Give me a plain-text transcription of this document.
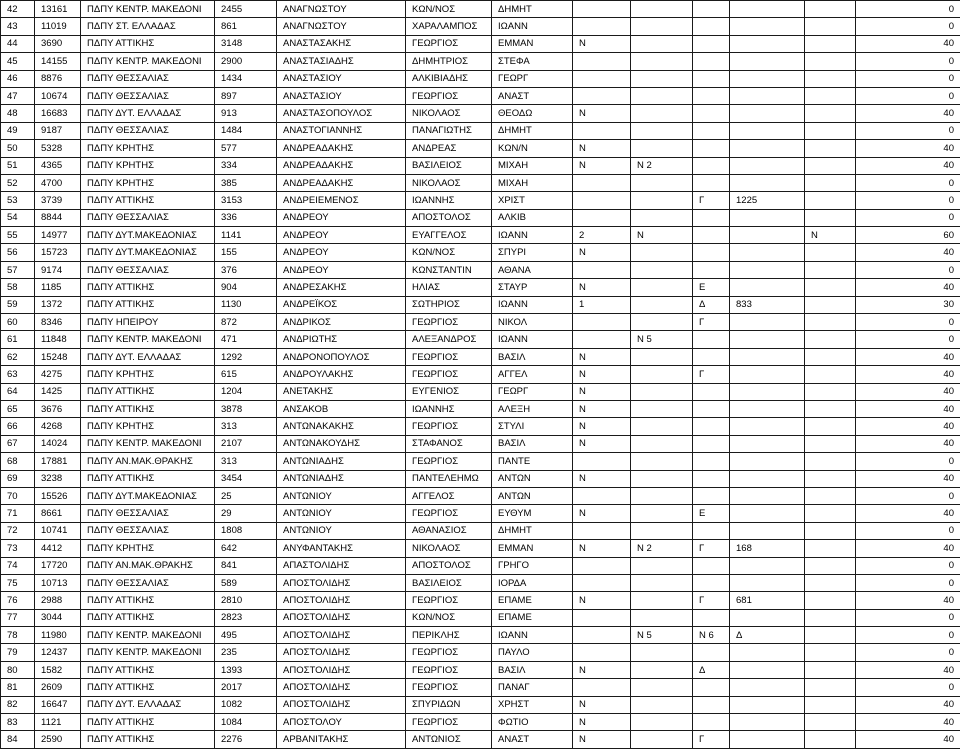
42	13161	ΠΔΠΥ ΚΕΝΤΡ. ΜΑΚΕΔΟΝΙ	2455	ΑΝΑΓΝΩΣΤΟΥ	ΚΩΝ/ΝΟΣ	ΔΗΜΗΤ						0
43	11019	ΠΔΠΥ ΣΤ. ΕΛΛΑΔΑΣ	861	ΑΝΑΓΝΩΣΤΟΥ	ΧΑΡΑΛΑΜΠΟΣ	ΙΩΑΝΝ						0
44	3690	ΠΔΠΥ ΑΤΤΙΚΗΣ	3148	ΑΝΑΣΤΑΣΑΚΗΣ	ΓΕΩΡΓΙΟΣ	ΕΜΜΑΝ	Ν					40
45	14155	ΠΔΠΥ ΚΕΝΤΡ. ΜΑΚΕΔΟΝΙ	2900	ΑΝΑΣΤΑΣΙΑΔΗΣ	ΔΗΜΗΤΡΙΟΣ	ΣΤΕΦΑ						0
46	8876	ΠΔΠΥ ΘΕΣΣΑΛΙΑΣ	1434	ΑΝΑΣΤΑΣΙΟΥ	ΑΛΚΙΒΙΑΔΗΣ	ΓΕΩΡΓ						0
47	10674	ΠΔΠΥ ΘΕΣΣΑΛΙΑΣ	897	ΑΝΑΣΤΑΣΙΟΥ	ΓΕΩΡΓΙΟΣ	ΑΝΑΣΤ						0
48	16683	ΠΔΠΥ ΔΥΤ. ΕΛΛΑΔΑΣ	913	ΑΝΑΣΤΑΣΟΠΟΥΛΟΣ	ΝΙΚΟΛΑΟΣ	ΘΕΟΔΩ	Ν					40
49	9187	ΠΔΠΥ ΘΕΣΣΑΛΙΑΣ	1484	ΑΝΑΣΤΟΓΙΑΝΝΗΣ	ΠΑΝΑΓΙΩΤΗΣ	ΔΗΜΗΤ						0
50	5328	ΠΔΠΥ ΚΡΗΤΗΣ	577	ΑΝΔΡΕΑΔΑΚΗΣ	ΑΝΔΡΕΑΣ	ΚΩΝ/Ν	Ν					40
51	4365	ΠΔΠΥ ΚΡΗΤΗΣ	334	ΑΝΔΡΕΑΔΑΚΗΣ	ΒΑΣΙΛΕΙΟΣ	ΜΙΧΑΗ	Ν	Ν 2				40
52	4700	ΠΔΠΥ ΚΡΗΤΗΣ	385	ΑΝΔΡΕΑΔΑΚΗΣ	ΝΙΚΟΛΑΟΣ	ΜΙΧΑΗ						0
53	3739	ΠΔΠΥ ΑΤΤΙΚΗΣ	3153	ΑΝΔΡΕΙΕΜΕΝΟΣ	ΙΩΑΝΝΗΣ	ΧΡΙΣΤ			Γ	1225		0
54	8844	ΠΔΠΥ ΘΕΣΣΑΛΙΑΣ	336	ΑΝΔΡΕΟΥ	ΑΠΟΣΤΟΛΟΣ	ΑΛΚΙΒ						0
55	14977	ΠΔΠΥ ΔΥΤ.ΜΑΚΕΔΟΝΙΑΣ	1141	ΑΝΔΡΕΟΥ	ΕΥΑΓΓΕΛΟΣ	ΙΩΑΝΝ	2	Ν			Ν	60
56	15723	ΠΔΠΥ ΔΥΤ.ΜΑΚΕΔΟΝΙΑΣ	155	ΑΝΔΡΕΟΥ	ΚΩΝ/ΝΟΣ	ΣΠΥΡΙ	Ν					40
57	9174	ΠΔΠΥ ΘΕΣΣΑΛΙΑΣ	376	ΑΝΔΡΕΟΥ	ΚΩΝΣΤΑΝΤΙΝ	ΑΘΑΝΑ						0
58	1185	ΠΔΠΥ ΑΤΤΙΚΗΣ	904	ΑΝΔΡΕΣΑΚΗΣ	ΗΛΙΑΣ	ΣΤΑΥΡ	Ν		Ε			40
59	1372	ΠΔΠΥ ΑΤΤΙΚΗΣ	1130	ΑΝΔΡΕΪΚΟΣ	ΣΩΤΗΡΙΟΣ	ΙΩΑΝΝ	1		Δ	833		30
60	8346	ΠΔΠΥ ΗΠΕΙΡΟΥ	872	ΑΝΔΡΙΚΟΣ	ΓΕΩΡΓΙΟΣ	ΝΙΚΟΛ			Γ			0
61	11848	ΠΔΠΥ ΚΕΝΤΡ. ΜΑΚΕΔΟΝΙ	471	ΑΝΔΡΙΩΤΗΣ	ΑΛΕΞΑΝΔΡΟΣ	ΙΩΑΝΝ		Ν 5				0
62	15248	ΠΔΠΥ ΔΥΤ. ΕΛΛΑΔΑΣ	1292	ΑΝΔΡΟΝΟΠΟΥΛΟΣ	ΓΕΩΡΓΙΟΣ	ΒΑΣΙΛ	Ν					40
63	4275	ΠΔΠΥ ΚΡΗΤΗΣ	615	ΑΝΔΡΟΥΛΑΚΗΣ	ΓΕΩΡΓΙΟΣ	ΑΓΓΕΛ	Ν		Γ			40
64	1425	ΠΔΠΥ ΑΤΤΙΚΗΣ	1204	ΑΝΕΤΑΚΗΣ	ΕΥΓΕΝΙΟΣ	ΓΕΩΡΓ	Ν					40
65	3676	ΠΔΠΥ ΑΤΤΙΚΗΣ	3878	ΑΝΣΑΚΟΒ	ΙΩΑΝΝΗΣ	ΑΛΕΞΗ	Ν					40
66	4268	ΠΔΠΥ ΚΡΗΤΗΣ	313	ΑΝΤΩΝΑΚΑΚΗΣ	ΓΕΩΡΓΙΟΣ	ΣΤΥΛΙ	Ν					40
67	14024	ΠΔΠΥ ΚΕΝΤΡ. ΜΑΚΕΔΟΝΙ	2107	ΑΝΤΩΝΑΚΟΥΔΗΣ	ΣΤΑΦΑΝΟΣ	ΒΑΣΙΛ	Ν					40
68	17881	ΠΔΠΥ ΑΝ.ΜΑΚ.ΘΡΑΚΗΣ	313	ΑΝΤΩΝΙΑΔΗΣ	ΓΕΩΡΓΙΟΣ	ΠΑΝΤΕ						0
69	3238	ΠΔΠΥ ΑΤΤΙΚΗΣ	3454	ΑΝΤΩΝΙΑΔΗΣ	ΠΑΝΤΕΛΕΗΜΩ	ΑΝΤΩΝ	Ν					40
70	15526	ΠΔΠΥ ΔΥΤ.ΜΑΚΕΔΟΝΙΑΣ	25	ΑΝΤΩΝΙΟΥ	ΑΓΓΕΛΟΣ	ΑΝΤΩΝ						0
71	8661	ΠΔΠΥ ΘΕΣΣΑΛΙΑΣ	29	ΑΝΤΩΝΙΟΥ	ΓΕΩΡΓΙΟΣ	ΕΥΘΥΜ	Ν		Ε			40
72	10741	ΠΔΠΥ ΘΕΣΣΑΛΙΑΣ	1808	ΑΝΤΩΝΙΟΥ	ΑΘΑΝΑΣΙΟΣ	ΔΗΜΗΤ						0
73	4412	ΠΔΠΥ ΚΡΗΤΗΣ	642	ΑΝΥΦΑΝΤΑΚΗΣ	ΝΙΚΟΛΑΟΣ	ΕΜΜΑΝ	Ν	Ν 2	Γ	168		40
74	17720	ΠΔΠΥ ΑΝ.ΜΑΚ.ΘΡΑΚΗΣ	841	ΑΠΑΣΤΟΛΙΔΗΣ	ΑΠΟΣΤΟΛΟΣ	ΓΡΗΓΟ						0
75	10713	ΠΔΠΥ ΘΕΣΣΑΛΙΑΣ	589	ΑΠΟΣΤΟΛΙΔΗΣ	ΒΑΣΙΛΕΙΟΣ	ΙΟΡΔΑ						0
76	2988	ΠΔΠΥ ΑΤΤΙΚΗΣ	2810	ΑΠΟΣΤΟΛΙΔΗΣ	ΓΕΩΡΓΙΟΣ	ΕΠΑΜΕ	Ν		Γ	681		40
77	3044	ΠΔΠΥ ΑΤΤΙΚΗΣ	2823	ΑΠΟΣΤΟΛΙΔΗΣ	ΚΩΝ/ΝΟΣ	ΕΠΑΜΕ						0
78	11980	ΠΔΠΥ ΚΕΝΤΡ. ΜΑΚΕΔΟΝΙ	495	ΑΠΟΣΤΟΛΙΔΗΣ	ΠΕΡΙΚΛΗΣ	ΙΩΑΝΝ		Ν 5	Ν 6	Δ		0
79	12437	ΠΔΠΥ ΚΕΝΤΡ. ΜΑΚΕΔΟΝΙ	235	ΑΠΟΣΤΟΛΙΔΗΣ	ΓΕΩΡΓΙΟΣ	ΠΑΥΛΟ						0
80	1582	ΠΔΠΥ ΑΤΤΙΚΗΣ	1393	ΑΠΟΣΤΟΛΙΔΗΣ	ΓΕΩΡΓΙΟΣ	ΒΑΣΙΛ	Ν		Δ			40
81	2609	ΠΔΠΥ ΑΤΤΙΚΗΣ	2017	ΑΠΟΣΤΟΛΙΔΗΣ	ΓΕΩΡΓΙΟΣ	ΠΑΝΑΓ						0
82	16647	ΠΔΠΥ ΔΥΤ. ΕΛΛΑΔΑΣ	1082	ΑΠΟΣΤΟΛΙΔΗΣ	ΣΠΥΡΙΔΩΝ	ΧΡΗΣΤ	Ν					40
83	1121	ΠΔΠΥ ΑΤΤΙΚΗΣ	1084	ΑΠΟΣΤΟΛΟΥ	ΓΕΩΡΓΙΟΣ	ΦΩΤΙΟ	Ν					40
84	2590	ΠΔΠΥ ΑΤΤΙΚΗΣ	2276	ΑΡΒΑΝΙΤΑΚΗΣ	ΑΝΤΩΝΙΟΣ	ΑΝΑΣΤ	Ν		Γ			40
